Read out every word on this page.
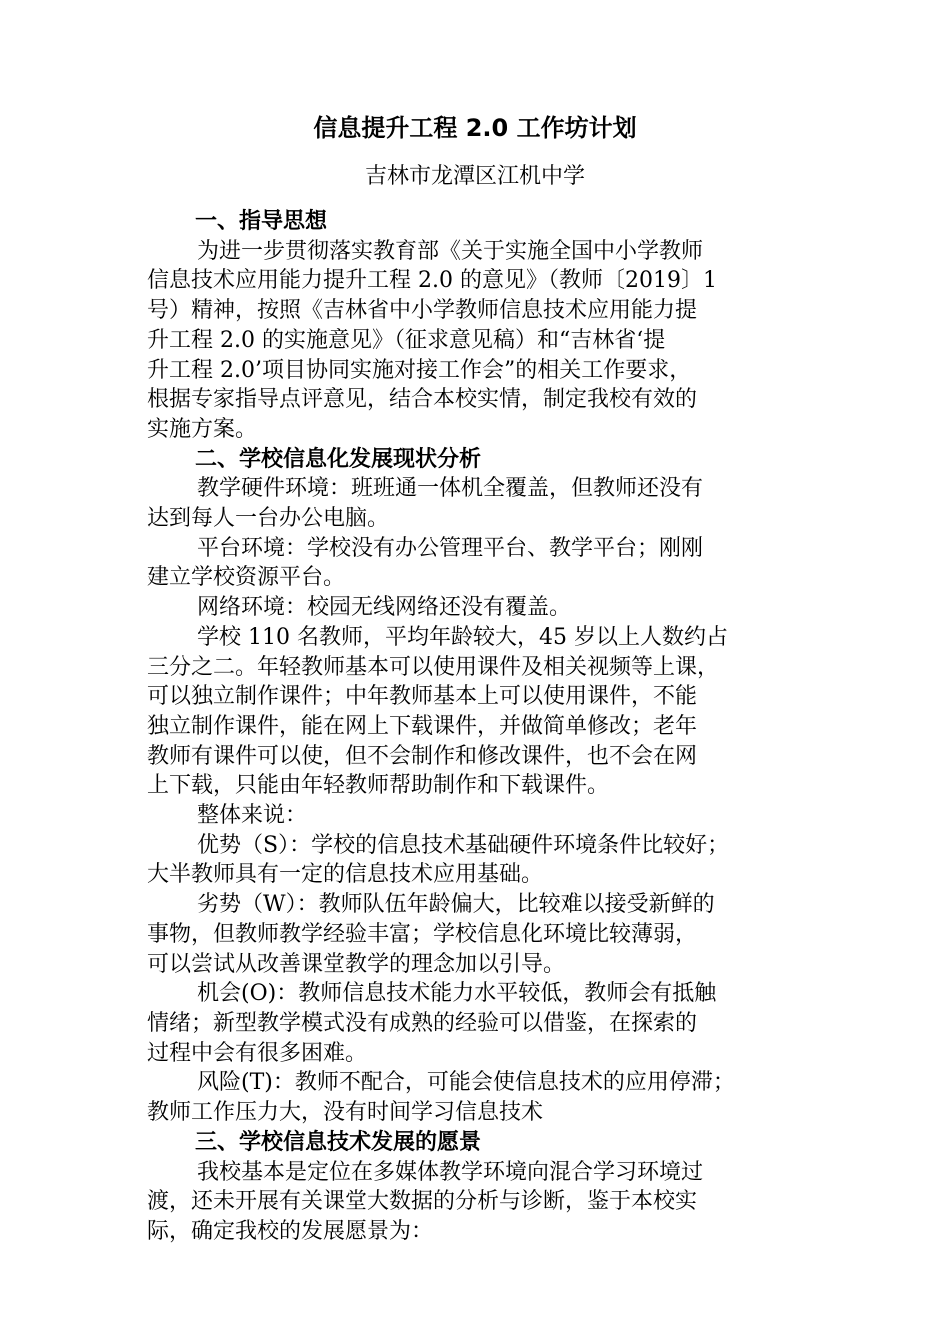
信息提升工程 2.0 工作坊计划
吉林市龙潭区江机中学
一、指导思想
为进一步贯彻落实教育部《关于实施全国中小学教师
信息技术应用能力提升工程 2.0 的意见》（教师〔2019〕1
号）精神，按照《吉林省中小学教师信息技术应用能力提
升工程 2.0 的实施意见》（征求意见稿）和“吉林省‘提
升工程 2.0’项目协同实施对接工作会”的相关工作要求，
根据专家指导点评意见，结合本校实情，制定我校有效的
实施方案。
二、学校信息化发展现状分析
教学硬件环境：班班通一体机全覆盖，但教师还没有
达到每人一台办公电脑。
平台环境：学校没有办公管理平台、教学平台；刚刚
建立学校资源平台。
网络环境：校园无线网络还没有覆盖。
学校 110 名教师，平均年龄较大，45 岁以上人数约占
三分之二。年轻教师基本可以使用课件及相关视频等上课，
可以独立制作课件；中年教师基本上可以使用课件，不能
独立制作课件，能在网上下载课件，并做简单修改；老年
教师有课件可以使，但不会制作和修改课件，也不会在网
上下载，只能由年轻教师帮助制作和下载课件。
整体来说：
优势（S）：学校的信息技术基础硬件环境条件比较好；
大半教师具有一定的信息技术应用基础。
劣势（W）：教师队伍年龄偏大，比较难以接受新鲜的
事物，但教师教学经验丰富；学校信息化环境比较薄弱，
可以尝试从改善课堂教学的理念加以引导。
机会(O)：教师信息技术能力水平较低，教师会有抵触
情绪；新型教学模式没有成熟的经验可以借鉴，在探索的
过程中会有很多困难。
风险(T)：教师不配合，可能会使信息技术的应用停滞；
教师工作压力大，没有时间学习信息技术
三、学校信息技术发展的愿景
我校基本是定位在多媒体教学环境向混合学习环境过
渡，还未开展有关课堂大数据的分析与诊断，鉴于本校实
际，确定我校的发展愿景为：
